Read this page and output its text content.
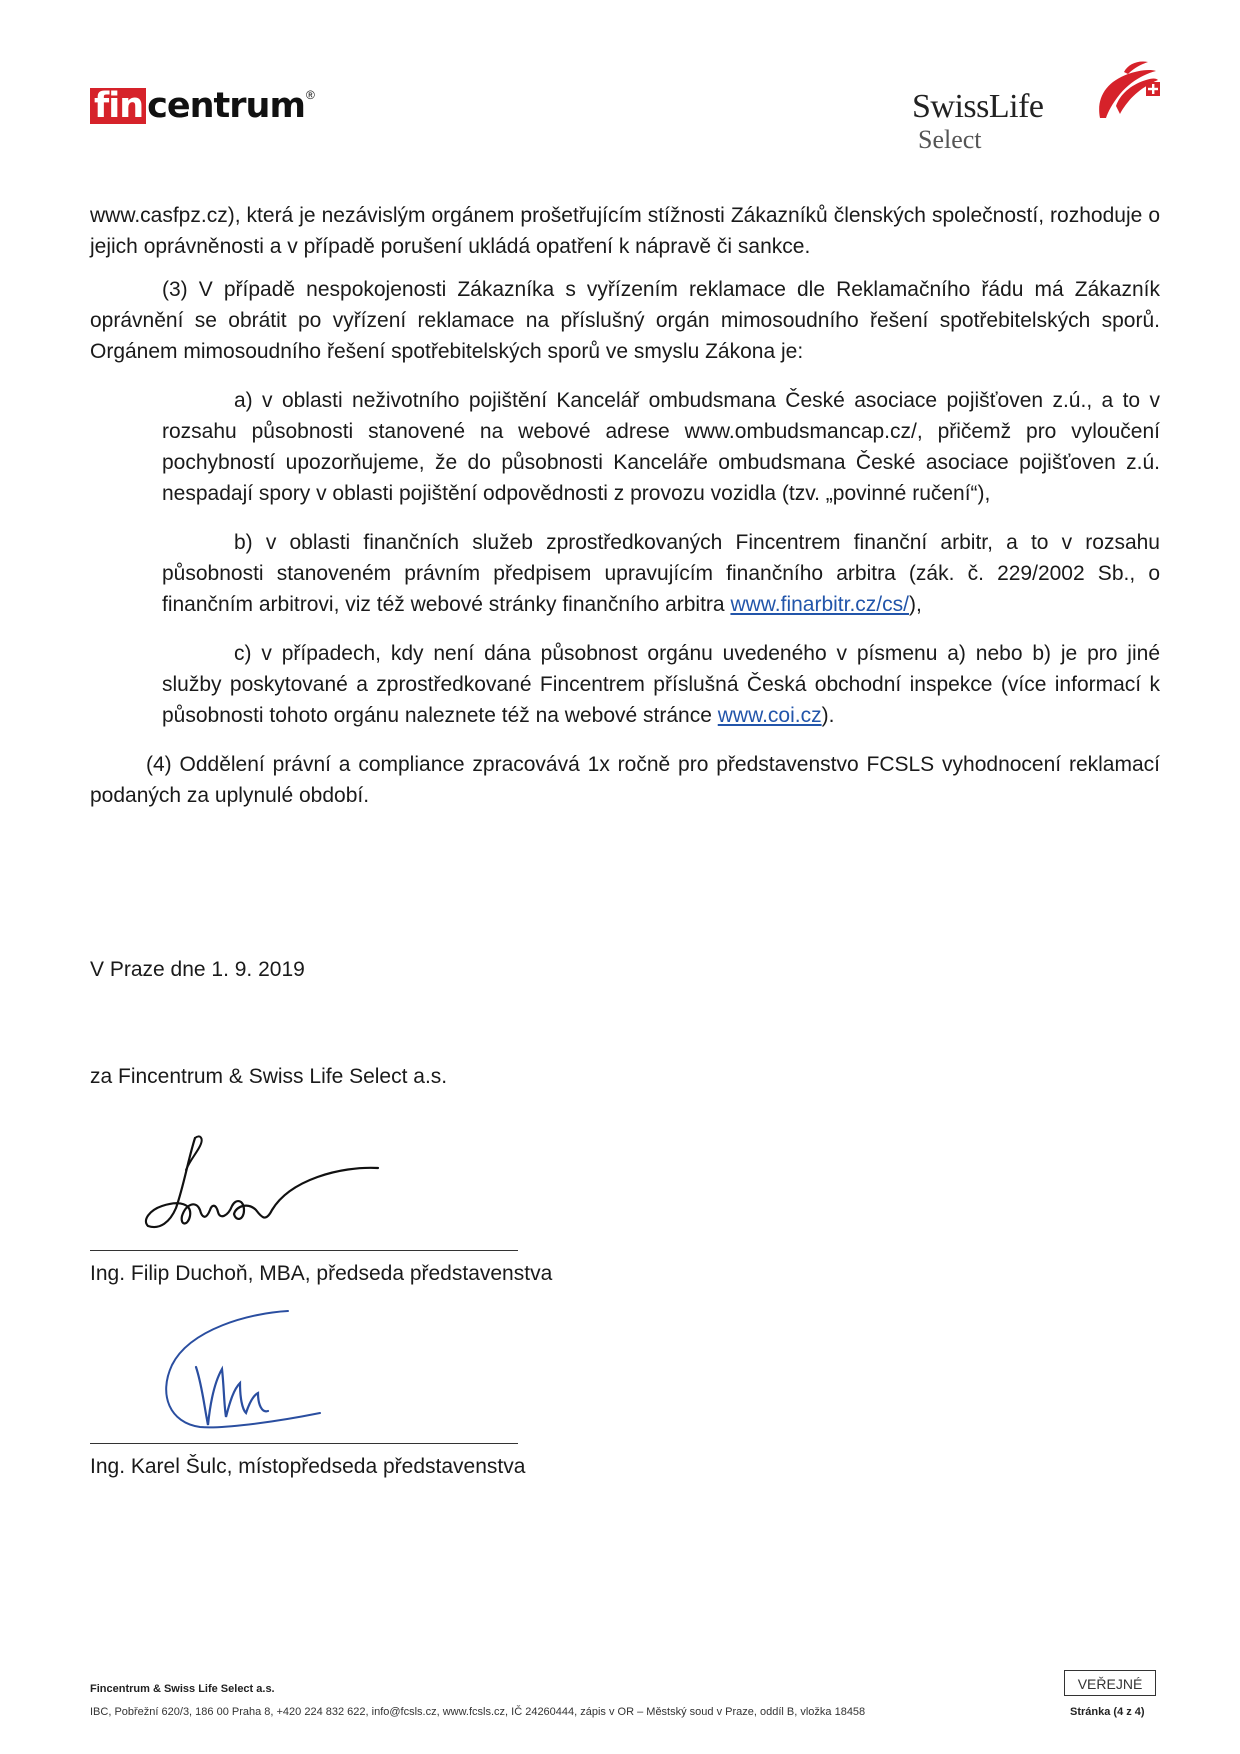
fin centrum ®	SwissLife
Select

www.casfpz.cz), která je nezávislým orgánem prošetřujícím stížnosti Zákazníků členských společností, rozhoduje o jejich oprávněnosti a v případě porušení ukládá opatření k nápravě či sankce.

(3) V případě nespokojenosti Zákazníka s vyřízením reklamace dle Reklamačního řádu má Zákazník oprávnění se obrátit po vyřízení reklamace na příslušný orgán mimosoudního řešení spotřebitelských sporů. Orgánem mimosoudního řešení spotřebitelských sporů ve smyslu Zákona je:

a) v oblasti neživotního pojištění Kancelář ombudsmana České asociace pojišťoven z.ú., a to v rozsahu působnosti stanovené na webové adrese www.ombudsmancap.cz/, přičemž pro vyloučení pochybností upozorňujeme, že do působnosti Kanceláře ombudsmana České asociace pojišťoven z.ú. nespadají spory v oblasti pojištění odpovědnosti z provozu vozidla (tzv. „povinné ručení“),

b) v oblasti finančních služeb zprostředkovaných Fincentrem finanční arbitr, a to v rozsahu působnosti stanoveném právním předpisem upravujícím finančního arbitra (zák. č. 229/2002 Sb., o finančním arbitrovi, viz též webové stránky finančního arbitra www.finarbitr.cz/cs/),

c) v případech, kdy není dána působnost orgánu uvedeného v písmenu a) nebo b) je pro jiné služby poskytované a zprostředkované Fincentrem příslušná Česká obchodní inspekce (více informací k působnosti tohoto orgánu naleznete též na webové stránce www.coi.cz).

(4) Oddělení právní a compliance zpracovává 1x ročně pro představenstvo FCSLS vyhodnocení reklamací podaných za uplynulé období.

V Praze dne 1. 9. 2019
za Fincentrum & Swiss Life Select a.s.
Ing. Filip Duchoň, MBA, předseda představenstva
Ing. Karel Šulc, místopředseda představenstva
Fincentrum & Swiss Life Select a.s.
IBC, Pobřežní 620/3, 186 00 Praha 8, +420 224 832 622, info@fcsls.cz, www.fcsls.cz, IČ 24260444, zápis v OR – Městský soud v Praze, oddíl B, vložka 18458
VEŘEJNÉ
Stránka (4 z 4)
